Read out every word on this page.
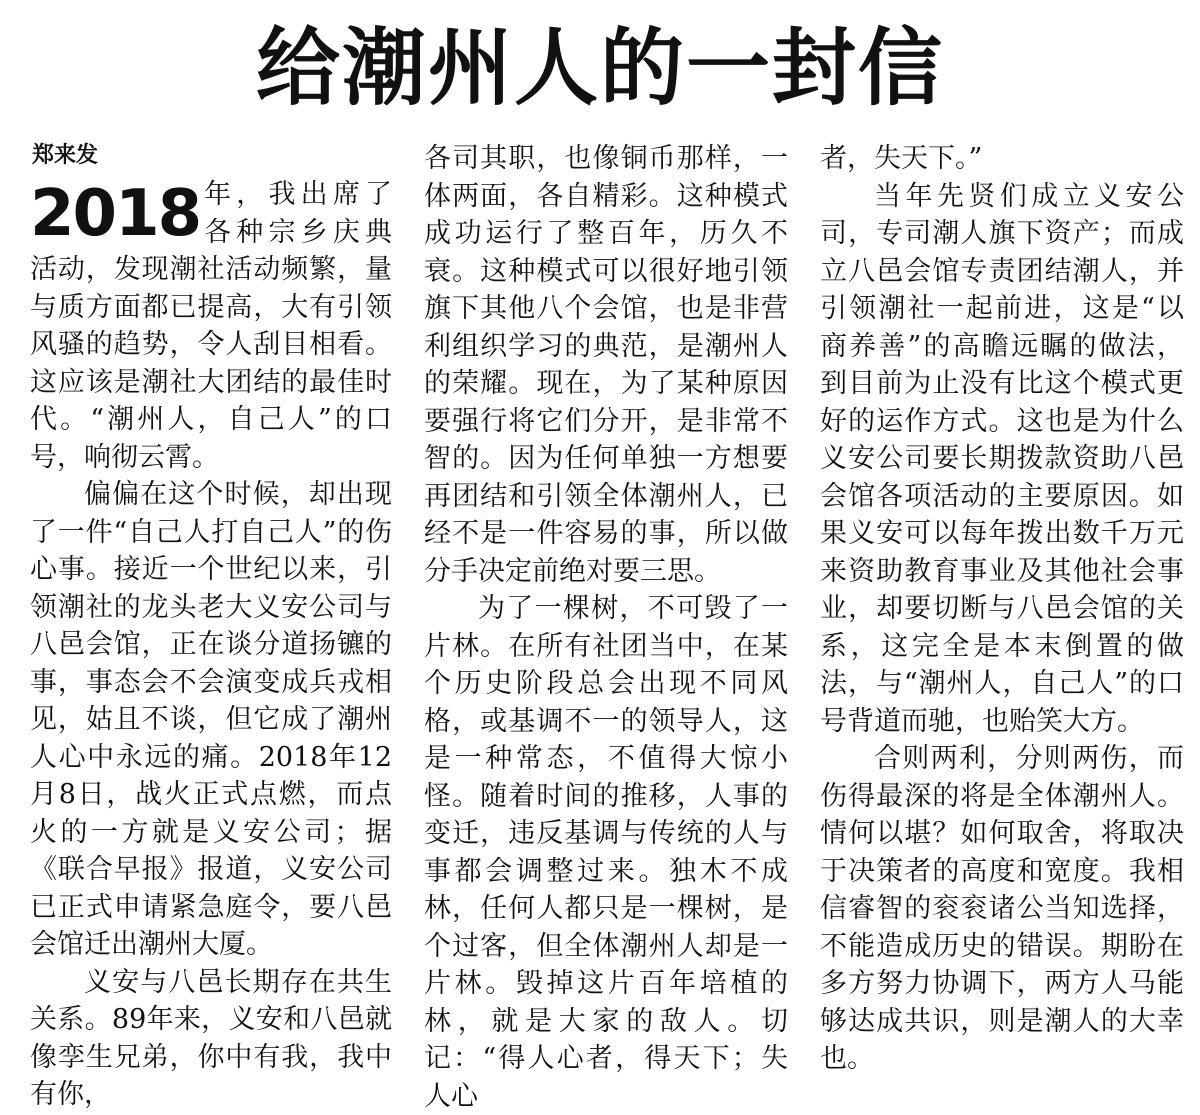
给潮州人的一封信
郑来发

2018 年，我出席了各种宗乡庆典活动，发现潮社活动频繁，量与质方面都已提高，大有引领风骚的趋势，令人刮目相看。这应该是潮社大团结的最佳时代。“潮州人，自己人”的口号，响彻云霄。

偏偏在这个时候，却出现了一件“自己人打自己人”的伤心事。接近一个世纪以来，引领潮社的龙头老大义安公司与八邑会馆，正在谈分道扬镳的事，事态会不会演变成兵戎相见，姑且不谈，但它成了潮州人心中永远的痛。2018年12月8日，战火正式点燃，而点火的一方就是义安公司；据《联合早报》报道，义安公司已正式申请紧急庭令，要八邑会馆迁出潮州大厦。

义安与八邑长期存在共生关系。89年来，义安和八邑就像孪生兄弟，你中有我，我中有你，

各司其职，也像铜币那样，一体两面，各自精彩。这种模式成功运行了整百年，历久不衰。这种模式可以很好地引领旗下其他八个会馆，也是非营利组织学习的典范，是潮州人的荣耀。现在，为了某种原因要强行将它们分开，是非常不智的。因为任何单独一方想要再团结和引领全体潮州人，已经不是一件容易的事，所以做分手决定前绝对要三思。

为了一棵树，不可毁了一片林。在所有社团当中，在某个历史阶段总会出现不同风格，或基调不一的领导人，这是一种常态，不值得大惊小怪。随着时间的推移，人事的变迁，违反基调与传统的人与事都会调整过来。独木不成林，任何人都只是一棵树，是个过客，但全体潮州人却是一片林。毁掉这片百年培植的林，就是大家的敌人。切记：“得人心者，得天下；失人心

者，失天下。”

当年先贤们成立义安公司，专司潮人旗下资产；而成立八邑会馆专责团结潮人，并引领潮社一起前进，这是“以商养善”的高瞻远瞩的做法，到目前为止没有比这个模式更好的运作方式。这也是为什么义安公司要长期拨款资助八邑会馆各项活动的主要原因。如果义安可以每年拨出数千万元来资助教育事业及其他社会事业，却要切断与八邑会馆的关系，这完全是本末倒置的做法，与“潮州人，自己人”的口号背道而驰，也贻笑大方。

合则两利，分则两伤，而伤得最深的将是全体潮州人。情何以堪？如何取舍，将取决于决策者的高度和宽度。我相信睿智的衮衮诸公当知选择，不能造成历史的错误。期盼在多方努力协调下，两方人马能够达成共识，则是潮人的大幸也。
